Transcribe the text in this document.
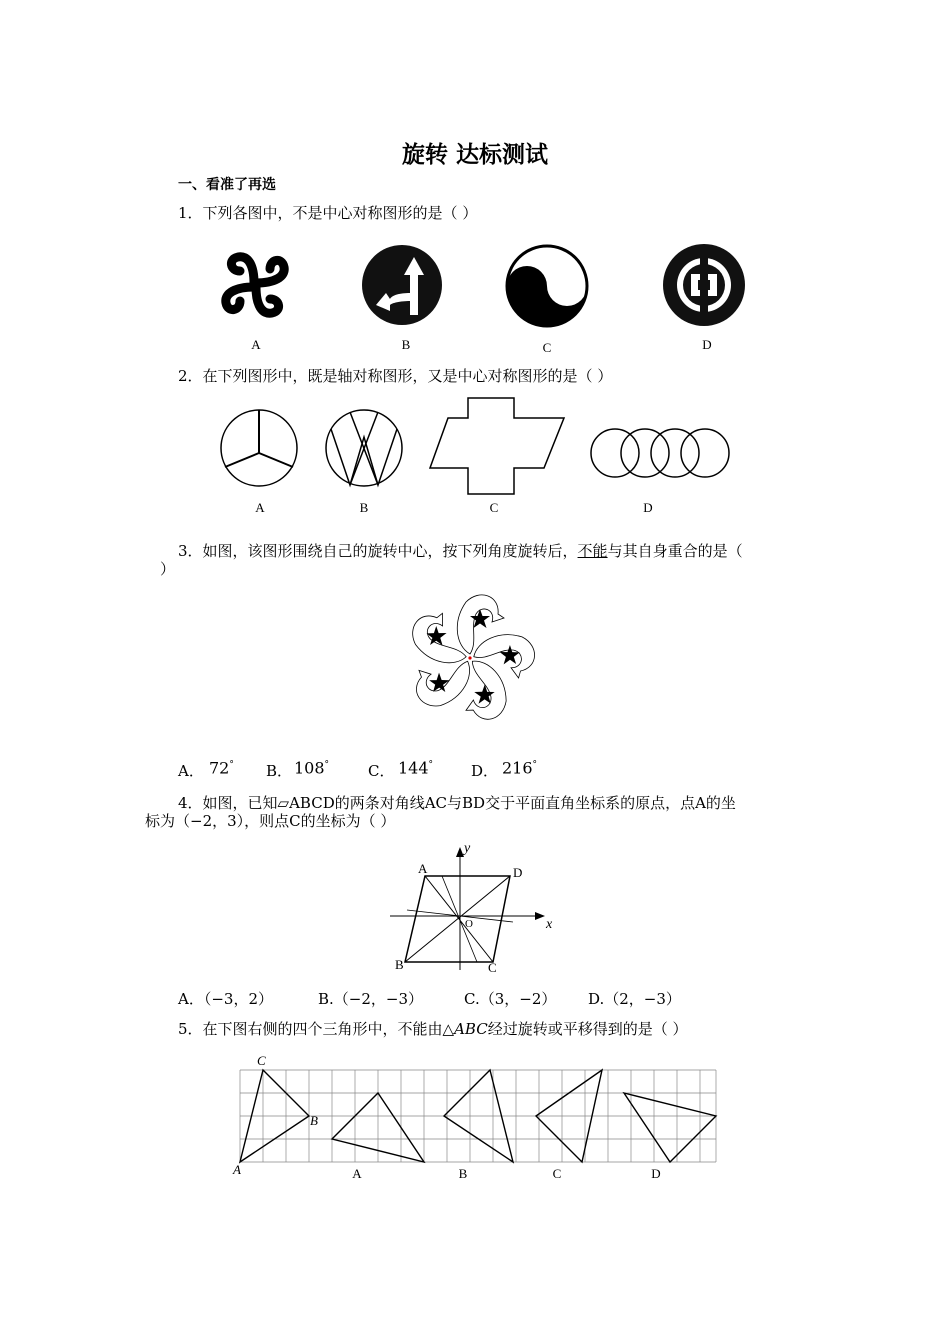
旋转 达标测试
一、看准了再选
1．下列各图中，不是中心对称图形的是（ ）
A	B	C	D
2．在下列图形中，既是轴对称图形，又是中心对称图形的是（ ）
A	B	C	D
3．如图，该图形围绕自己的旋转中心，按下列角度旋转后，不能与其自身重合的是（
）
A． 72° B． 108°	C． 144°	D． 216°
4．如图，已知▱ABCD的两条对角线AC与BD交于平面直角坐标系的原点，点A的坐
标为（−2，3），则点C的坐标为（ ）
A	D
B	C
O	x
y
A．（−3，2）	B.（−2，−3）	C.（3，−2） D.（2，−3）
5．在下图右侧的四个三角形中，不能由△ABC经过旋转或平移得到的是（ ）
C
B
A	A	B	C	D
